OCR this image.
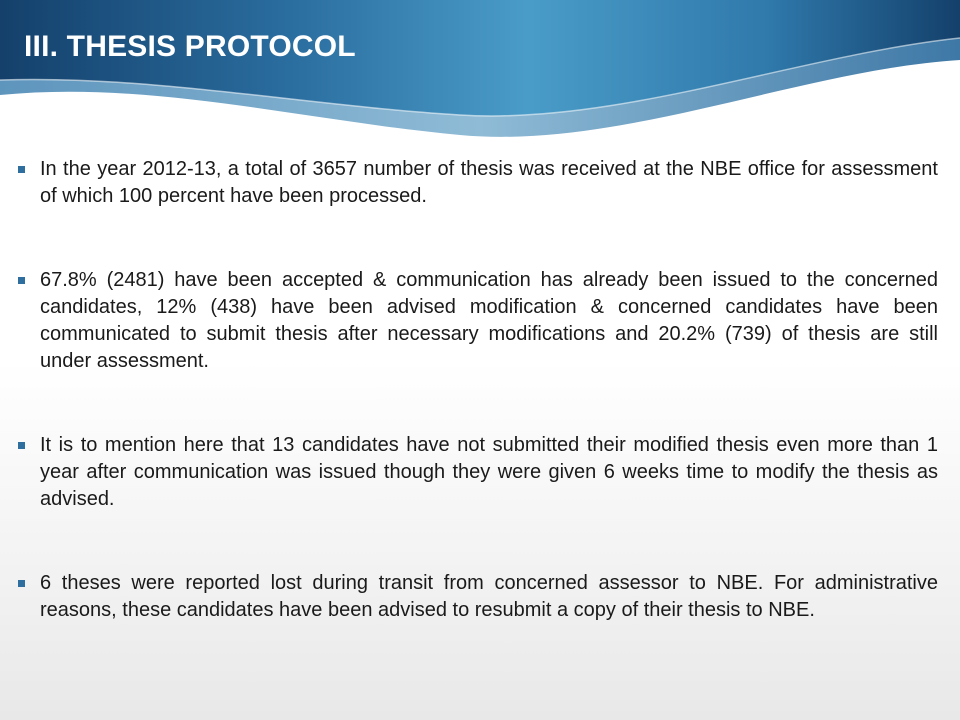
III. THESIS PROTOCOL
In the year 2012-13, a total of 3657 number of thesis was received at the NBE office for assessment of which 100 percent have been processed.
67.8% (2481) have been accepted & communication has already been issued to the concerned candidates, 12% (438) have been advised modification & concerned candidates have been communicated to submit thesis after necessary modifications and 20.2% (739) of thesis are still under assessment.
It is to mention here that 13 candidates have not submitted their modified thesis even more than 1 year after communication was issued though they were given 6 weeks time to modify the thesis as advised.
6 theses were reported lost during transit from concerned assessor to NBE. For administrative reasons, these candidates have been advised to resubmit a copy of their thesis to NBE.
